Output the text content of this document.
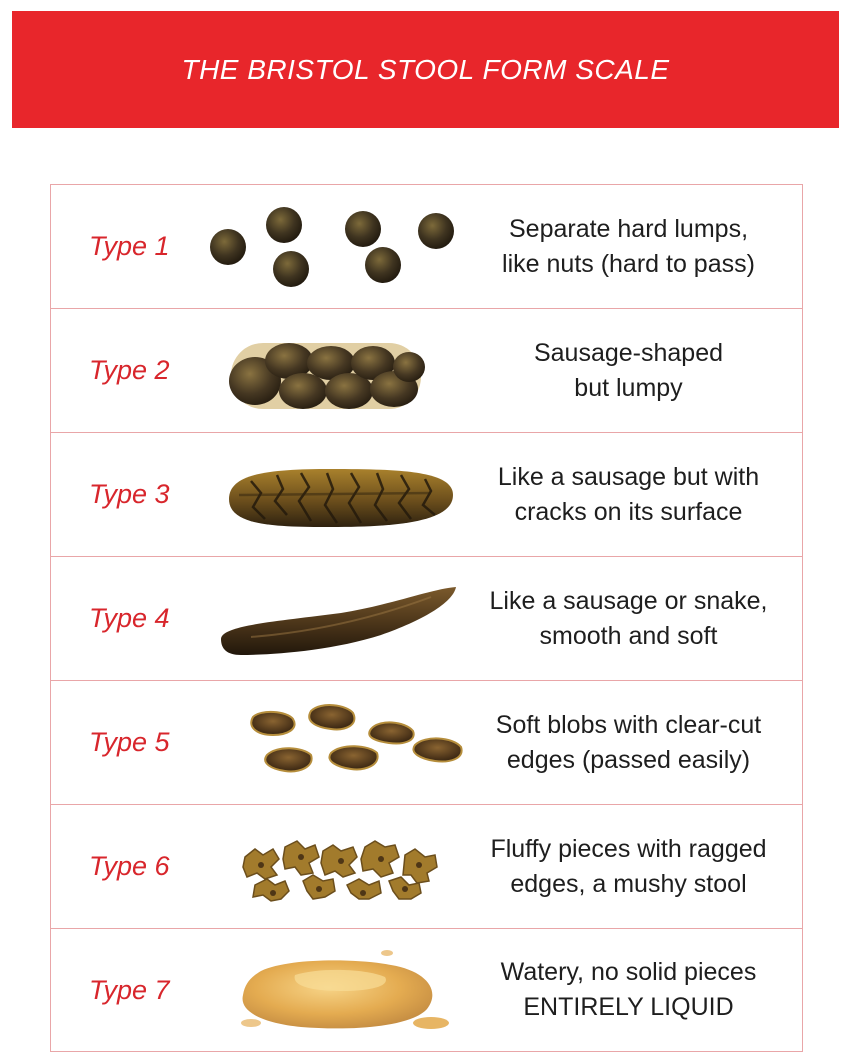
THE BRISTOL STOOL FORM SCALE
Type 1
Separate hard lumps,
like nuts (hard to pass)
Type 2
Sausage-shaped
but lumpy
Type 3
Like a sausage but with
cracks on its surface
Type 4
Like a sausage or snake,
smooth and soft
Type 5
Soft blobs with clear-cut
edges (passed easily)
Type 6
Fluffy pieces with ragged
edges, a mushy stool
Type 7
Watery, no solid pieces
ENTIRELY LIQUID
